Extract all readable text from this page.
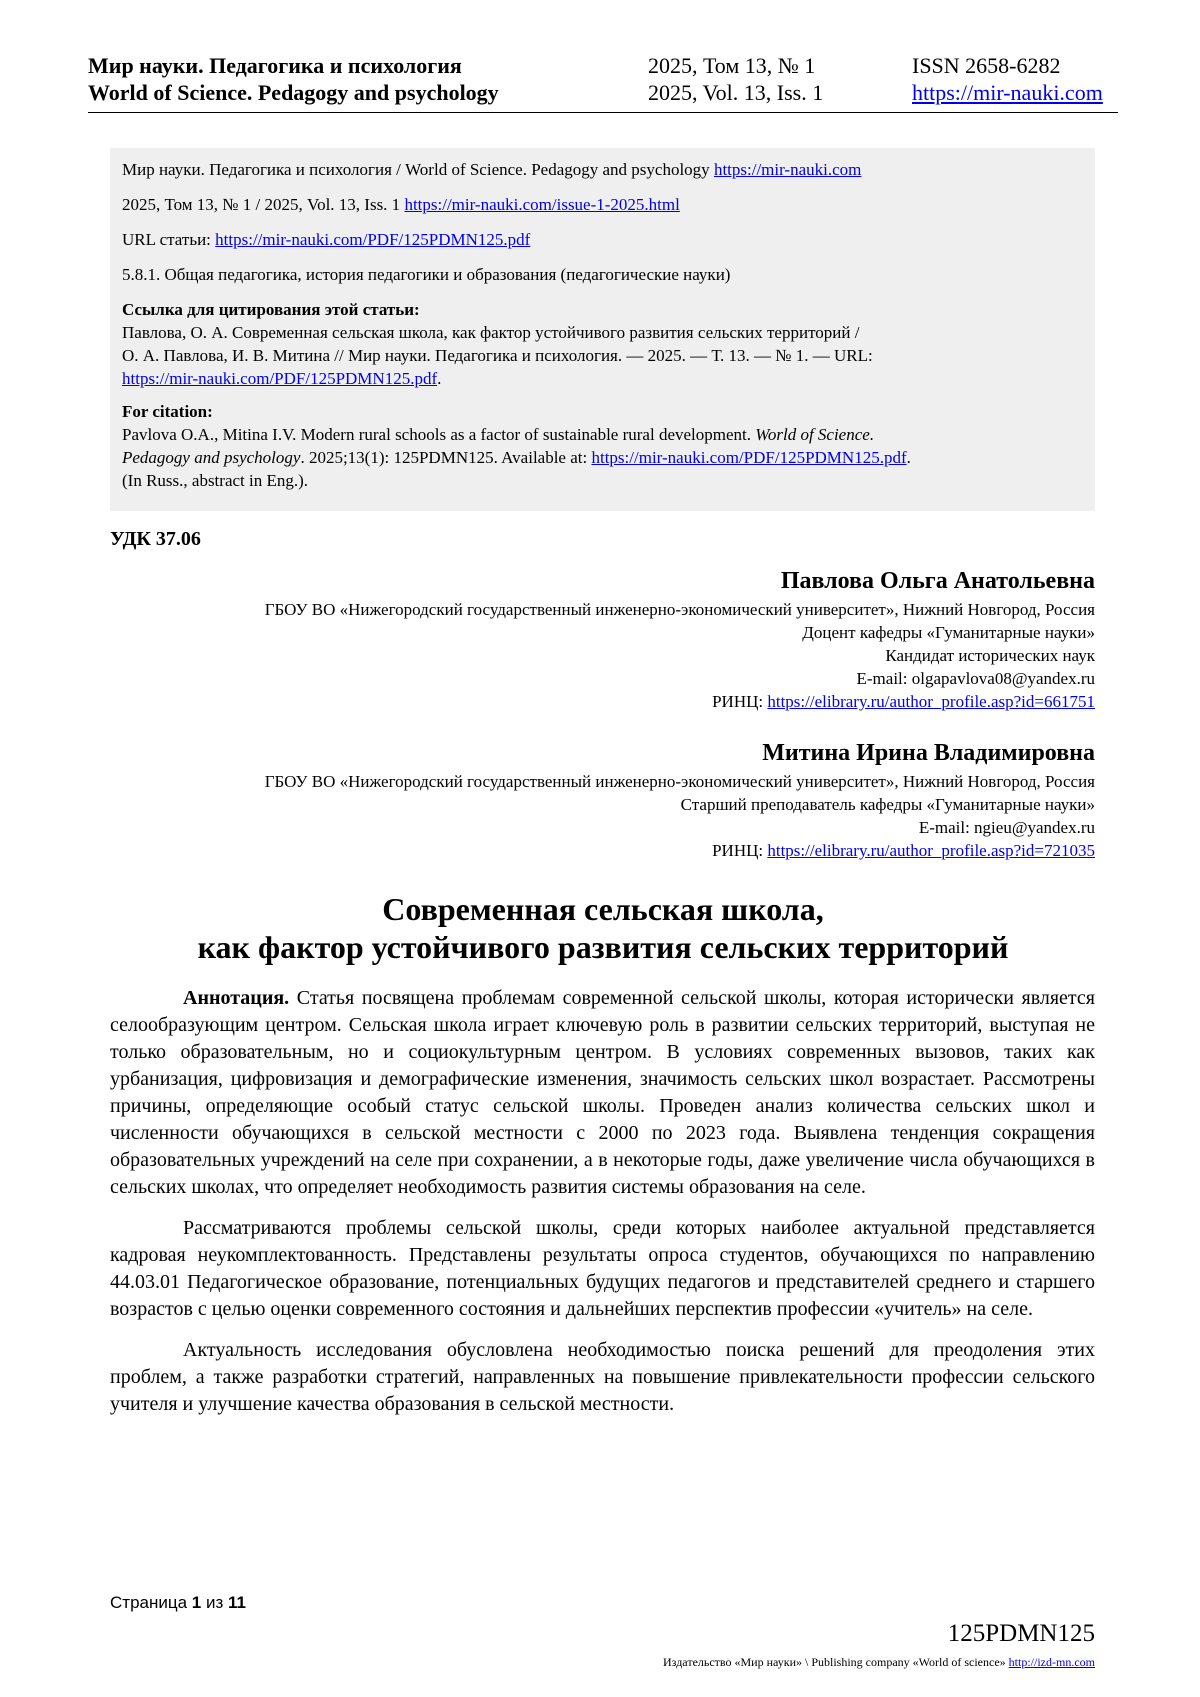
Мир науки. Педагогика и психология
World of Science. Pedagogy and psychology
2025, Том 13, № 1
2025, Vol. 13, Iss. 1
ISSN 2658-6282
https://mir-nauki.com

Мир науки. Педагогика и психология / World of Science. Pedagogy and psychology https://mir-nauki.com

2025, Том 13, № 1 / 2025, Vol. 13, Iss. 1 https://mir-nauki.com/issue-1-2025.html

URL статьи: https://mir-nauki.com/PDF/125PDMN125.pdf

5.8.1. Общая педагогика, история педагогики и образования (педагогические науки)

Ссылка для цитирования этой статьи:
Павлова, О. А. Современная сельская школа, как фактор устойчивого развития сельских территорий /
О. А. Павлова, И. В. Митина // Мир науки. Педагогика и психология. — 2025. — Т. 13. — № 1. — URL:
https://mir-nauki.com/PDF/125PDMN125.pdf.
For citation:
Pavlova O.A., Mitina I.V. Modern rural schools as a factor of sustainable rural development. World of Science.
Pedagogy and psychology. 2025;13(1): 125PDMN125. Available at: https://mir-nauki.com/PDF/125PDMN125.pdf.
(In Russ., abstract in Eng.).
УДК 37.06
Павлова Ольга Анатольевна
ГБОУ ВО «Нижегородский государственный инженерно-экономический университет», Нижний Новгород, Россия
Доцент кафедры «Гуманитарные науки»
Кандидат исторических наук
E-mail: olgapavlova08@yandex.ru
РИНЦ: https://elibrary.ru/author_profile.asp?id=661751
Митина Ирина Владимировна
ГБОУ ВО «Нижегородский государственный инженерно-экономический университет», Нижний Новгород, Россия
Старший преподаватель кафедры «Гуманитарные науки»
E-mail: ngieu@yandex.ru
РИНЦ: https://elibrary.ru/author_profile.asp?id=721035
Современная сельская школа,
как фактор устойчивого развития сельских территорий

Аннотация. Статья посвящена проблемам современной сельской школы, которая исторически является селообразующим центром. Сельская школа играет ключевую роль в развитии сельских территорий, выступая не только образовательным, но и социокультурным центром. В условиях современных вызовов, таких как урбанизация, цифровизация и демографические изменения, значимость сельских школ возрастает. Рассмотрены причины, определяющие особый статус сельской школы. Проведен анализ количества сельских школ и численности обучающихся в сельской местности с 2000 по 2023 года. Выявлена тенденция сокращения образовательных учреждений на селе при сохранении, а в некоторые годы, даже увеличение числа обучающихся в сельских школах, что определяет необходимость развития системы образования на селе.

Рассматриваются проблемы сельской школы, среди которых наиболее актуальной представляется кадровая неукомплектованность. Представлены результаты опроса студентов, обучающихся по направлению 44.03.01 Педагогическое образование, потенциальных будущих педагогов и представителей среднего и старшего возрастов с целью оценки современного состояния и дальнейших перспектив профессии «учитель» на селе.

Актуальность исследования обусловлена необходимостью поиска решений для преодоления этих проблем, а также разработки стратегий, направленных на повышение привлекательности профессии сельского учителя и улучшение качества образования в сельской местности.

Страница 1 из 11
125PDMN125
Издательство «Мир науки» \ Publishing company «World of science» http://izd-mn.com
